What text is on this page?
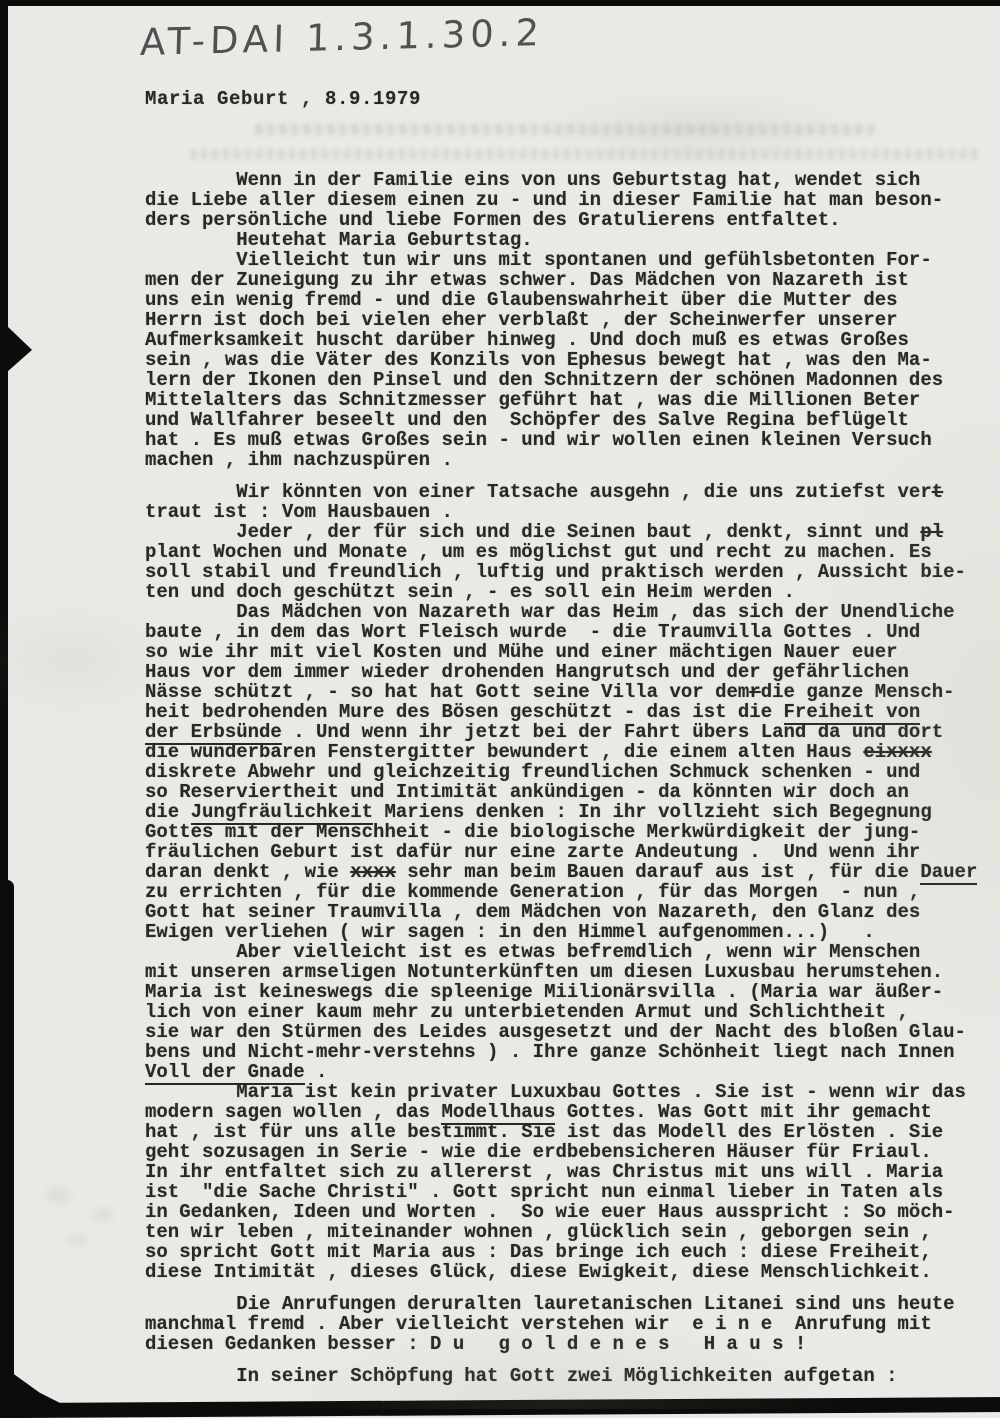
AT-DAI 1.3.1.30.2
Maria Geburt , 8.9.1979
Wenn in der Familie eins von uns Geburtstag hat, wendet sich
die Liebe aller diesem einen zu - und in dieser Familie hat man beson-
ders persönliche und liebe Formen des Gratulierens entfaltet.
Heutehat Maria Geburtstag.
Vielleicht tun wir uns mit spontanen und gefühlsbetonten For-
men der Zuneigung zu ihr etwas schwer. Das Mädchen von Nazareth ist
uns ein wenig fremd - und die Glaubenswahrheit über die Mutter des
Herrn ist doch bei vielen eher verblaßt , der Scheinwerfer unserer
Aufmerksamkeit huscht darüber hinweg . Und doch muß es etwas Großes
sein , was die Väter des Konzils von Ephesus bewegt hat , was den Ma-
lern der Ikonen den Pinsel und den Schnitzern der schönen Madonnen des
Mittelalters das Schnitzmesser geführt hat , was die Millionen Beter
und Wallfahrer beseelt und den  Schöpfer des Salve Regina beflügelt
hat . Es muß etwas Großes sein - und wir wollen einen kleinen Versuch
machen , ihm nachzuspüren .

Wir könnten von einer Tatsache ausgehn , die uns zutiefst vert
traut ist : Vom Hausbauen .
Jeder , der für sich und die Seinen baut , denkt, sinnt und pl
plant Wochen und Monate , um es möglichst gut und recht zu machen. Es
soll stabil und freundlich , luftig und praktisch werden , Aussicht bie-
ten und doch geschützt sein , - es soll ein Heim werden .
Das Mädchen von Nazareth war das Heim , das sich der Unendliche
baute , in dem das Wort Fleisch wurde  - die Traumvilla Gottes . Und
so wie ihr mit viel Kosten und Mühe und einer mächtigen Nauer euer
Haus vor dem immer wieder drohenden Hangrutsch und der gefährlichen
Nässe schützt , - so hat hat Gott seine Villa vor demrdie ganze Mensch-
heit bedrohenden Mure des Bösen geschützt - das ist die Freiheit von
der Erbsünde . Und wenn ihr jetzt bei der Fahrt übers Land da und dort
die wunderbaren Fenstergitter bewundert , die einem alten Haus eixxxx
diskrete Abwehr und gleichzeitig freundlichen Schmuck schenken - und
so Reserviertheit und Intimität ankündigen - da könnten wir doch an
die Jungfräulichkeit Mariens denken : In ihr vollzieht sich Begegnung
Gottes mit der Menschheit - die biologische Merkwürdigkeit der jung-
fräulichen Geburt ist dafür nur eine zarte Andeutung .  Und wenn ihr
daran denkt , wie xxxx sehr man beim Bauen darauf aus ist , für die Dauer
zu errichten , für die kommende Generation , für das Morgen  - nun ,
Gott hat seiner Traumvilla , dem Mädchen von Nazareth, den Glanz des
Ewigen verliehen ( wir sagen : in den Himmel aufgenommen...)   .
Aber vielleicht ist es etwas befremdlich , wenn wir Menschen
mit unseren armseligen Notunterkünften um diesen Luxusbau herumstehen.
Maria ist keineswegs die spleenige Miilionärsvilla . (Maria war äußer-
lich von einer kaum mehr zu unterbietenden Armut und Schlichtheit ,
sie war den Stürmen des Leides ausgesetzt und der Nacht des bloßen Glau-
bens und Nicht-mehr-verstehns ) . Ihre ganze Schönheit liegt nach Innen
Voll der Gnade .
Maria ist kein privater Luxuxbau Gottes . Sie ist - wenn wir das
modern sagen wollen , das Modellhaus Gottes. Was Gott mit ihr gemacht
hat , ist für uns alle bestimmt. Sie ist das Modell des Erlösten . Sie
geht sozusagen in Serie - wie die erdbebensicheren Häuser für Friaul.
In ihr entfaltet sich zu allererst , was Christus mit uns will . Maria
ist  "die Sache Christi" . Gott spricht nun einmal lieber in Taten als
in Gedanken, Ideen und Worten .  So wie euer Haus ausspricht : So möch-
ten wir leben , miteinander wohnen , glücklich sein , geborgen sein ,
so spricht Gott mit Maria aus : Das bringe ich euch : diese Freiheit,
diese Intimität , dieses Glück, diese Ewigkeit, diese Menschlichkeit.

Die Anrufungen deruralten lauretanischen Litanei sind uns heute
manchmal fremd . Aber vielleicht verstehen wir  e i n e  Anrufung mit
diesen Gedanken besser : D u   g o l d e n e s   H a u s !

In seiner Schöpfung hat Gott zwei Möglichkeiten aufgetan :
